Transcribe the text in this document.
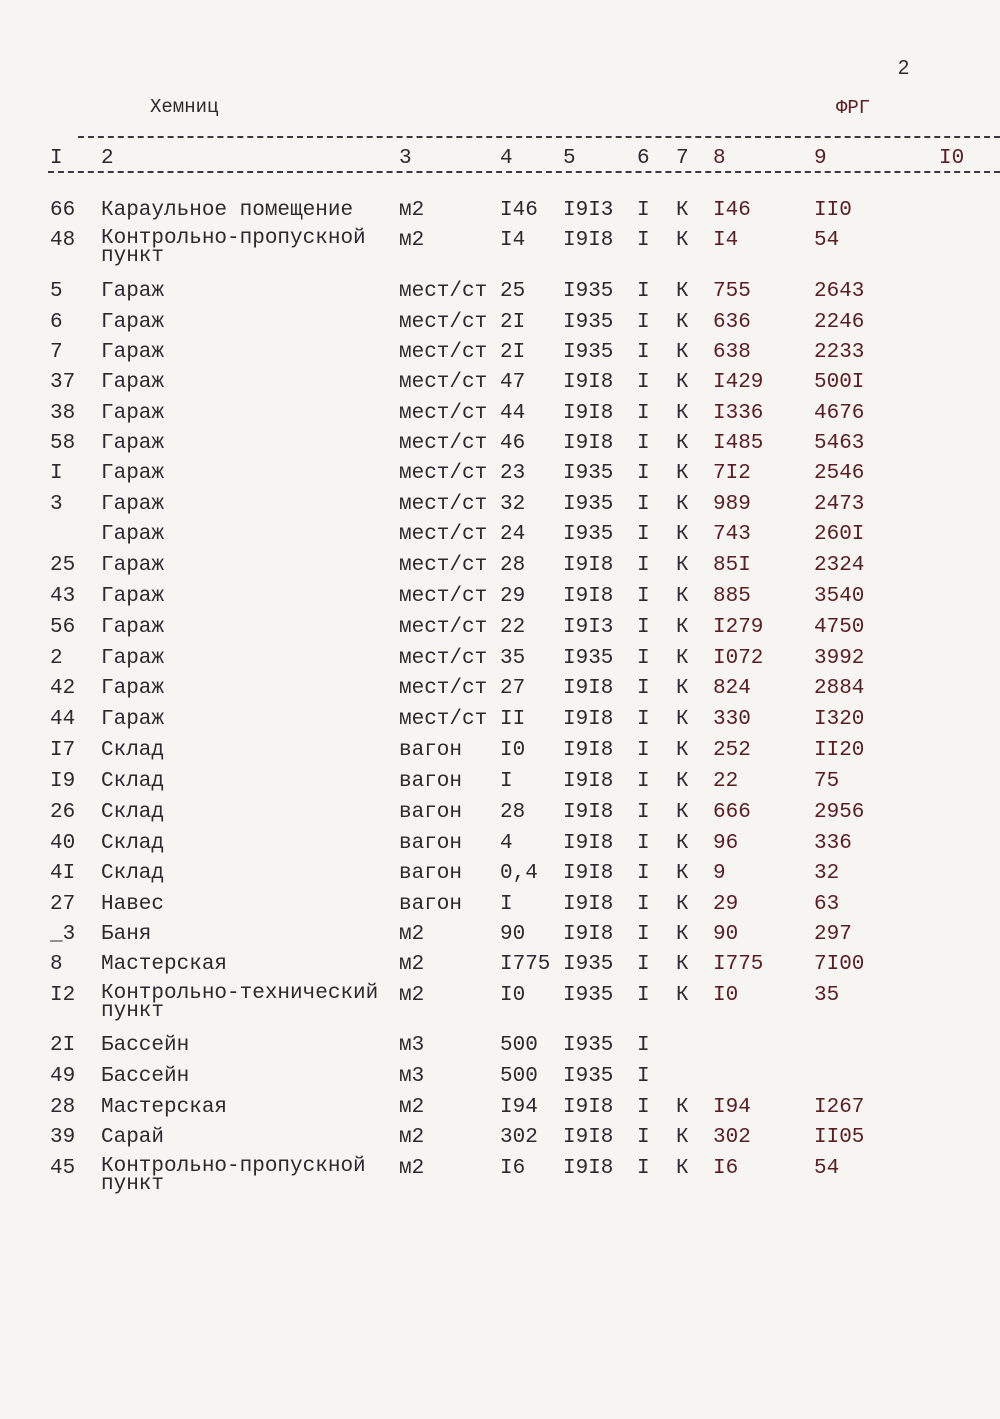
2
Хемниц	ФРГ
I 2	3	4 5	6 7 8	9	I0
66 Караульное помещение м2	I46 I9I3 I К I46	II0
48 Контрольно-пропускной
пункт
м2	I4 I9I8 I К I4	54
5 Гараж	мест/ст 25 I935 I К 755	2643
6 Гараж	мест/ст 2I I935 I К 636	2246
7 Гараж	мест/ст 2I I935 I К 638	2233
37 Гараж	мест/ст 47 I9I8 I К I429 500I
38 Гараж	мест/ст 44 I9I8 I К I336 4676
58 Гараж	мест/ст 46 I9I8 I К I485 5463
I Гараж	мест/ст 23 I935 I К 7I2	2546
3 Гараж	мест/ст 32 I935 I К 989	2473
Гараж	мест/ст 24 I935 I К 743	260I
25 Гараж	мест/ст 28 I9I8 I К 85I	2324
43 Гараж	мест/ст 29 I9I8 I К 885	3540
56 Гараж	мест/ст 22 I9I3 I К I279 4750
2 Гараж	мест/ст 35 I935 I К I072 3992
42 Гараж	мест/ст 27 I9I8 I К 824	2884
44 Гараж	мест/ст II I9I8 I К 330	I320
I7 Склад	вагон I0 I9I8 I К 252	II20
I9 Склад	вагон I I9I8 I К 22	75
26 Склад	вагон 28 I9I8 I К 666	2956
40 Склад	вагон 4 I9I8 I К 96	336
4I Склад	вагон 0,4 I9I8 I К 9	32
27 Навес	вагон I I9I8 I К 29	63
_3 Баня	м2	90 I9I8 I К 90	297
8 Мастерская	м2	I775 I935 I К I775 7I00
I2 Контрольно-технический
пункт
м2	I0 I935 I К I0	35
2I Бассейн	м3	500 I935 I
49 Бассейн	м3	500 I935 I
28 Мастерская	м2	I94 I9I8 I К I94	I267
39 Сарай	м2	302 I9I8 I К 302	II05
45 Контрольно-пропускной
пункт
м2	I6 I9I8 I К I6	54
